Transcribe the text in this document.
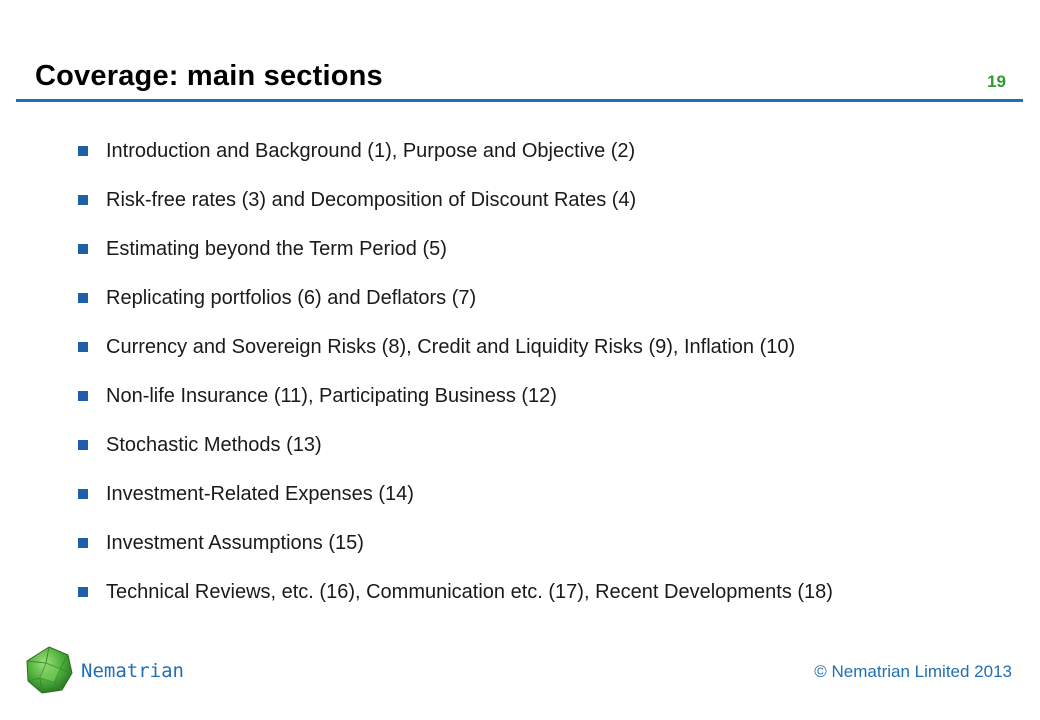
Coverage: main sections	19
Introduction and Background (1), Purpose and Objective (2)
Risk-free rates (3) and Decomposition of Discount Rates (4)
Estimating beyond the Term Period (5)
Replicating portfolios (6) and Deflators (7)
Currency and Sovereign Risks (8), Credit and Liquidity Risks (9), Inflation (10)
Non-life Insurance (11), Participating Business (12)
Stochastic Methods (13)
Investment-Related Expenses (14)
Investment Assumptions (15)
Technical Reviews, etc. (16), Communication etc. (17), Recent Developments (18)
Nematrian	© Nematrian Limited 2013
